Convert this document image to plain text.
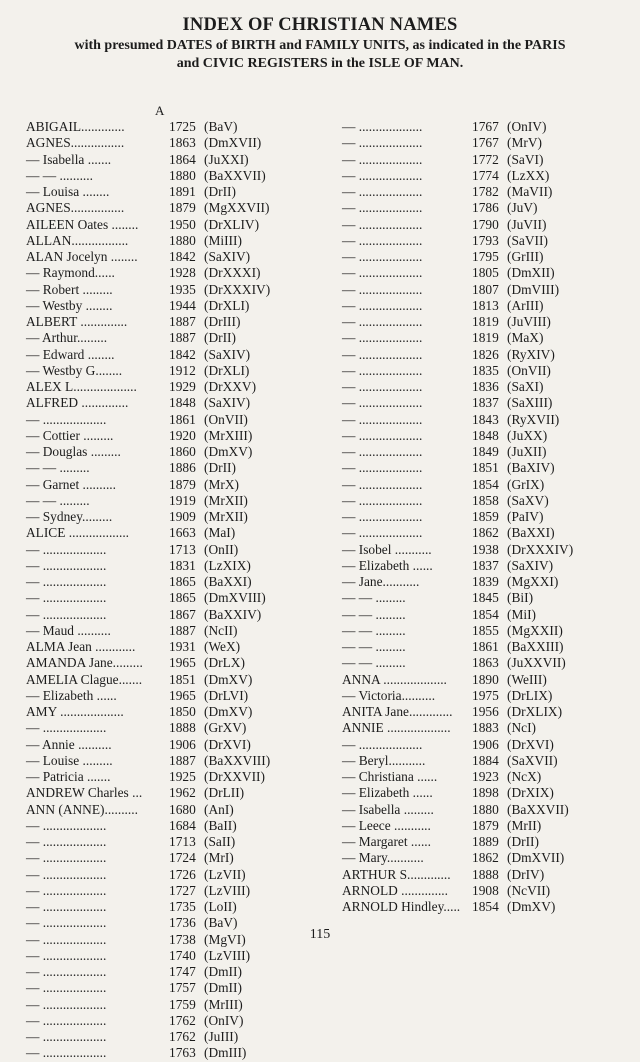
INDEX OF CHRISTIAN NAMES
with presumed DATES of BIRTH and FAMILY UNITS, as indicated in the PARIS
and CIVIC REGISTERS in the ISLE OF MAN.
A
ABIGAIL.............	1725 (BaV)
AGNES................	1863 (DmXVII)
— Isabella .......	1864 (JuXXI)
— — ..........	1880 (BaXXVII)
— Louisa ........	1891 (DrII)
AGNES................	1879 (MgXXVII)
AILEEN Oates ........ 1950 (DrXLIV)
ALLAN.................	1880 (MiIII)
ALAN Jocelyn ........ 1842 (SaXIV)
— Raymond......	1928 (DrXXXI)
— Robert .........	1935 (DrXXXIV)
— Westby ........	1944 (DrXLI)
ALBERT ..............	1887 (DrIII)
— Arthur.........	1887 (DrII)
— Edward ........	1842 (SaXIV)
— Westby G........	1912 (DrXLI)
ALEX L................... 1929 (DrXXV)
ALFRED ..............	1848 (SaXIV)
— ...................	1861 (OnVII)
— Cottier .........	1920 (MrXIII)
— Douglas .........	1860 (DmXV)
— — .........	1886 (DrII)
— Garnet ..........	1879 (MrX)
— — .........	1919 (MrXII)
— Sydney.........	1909 (MrXII)
ALICE ..................	1663 (MaI)
— ...................	1713 (OnII)
— ...................	1831 (LzXIX)
— ...................	1865 (BaXXI)
— ...................	1865 (DmXVIII)
— ...................	1867 (BaXXIV)
— Maud ..........	1887 (NcII)
ALMA Jean ............	1931 (WeX)
AMANDA Jane......... 1965 (DrLX)
AMELIA Clague....... 1851 (DmXV)
— Elizabeth ......	1965 (DrLVI)
AMY ...................	1850 (DmXV)
— ...................	1888 (GrXV)
— Annie ..........	1906 (DrXVI)
— Louise .........	1887 (BaXXVIII)
— Patricia .......	1925 (DrXXVII)
ANDREW Charles ... 1962 (DrLII)
ANN (ANNE).......... 1680 (AnI)
— ...................	1684 (BaII)
— ...................	1713 (SaII)
— ...................	1724 (MrI)
— ...................	1726 (LzVII)
— ...................	1727 (LzVIII)
— ...................	1735 (LoII)
— ...................	1736 (BaV)
— ...................	1738 (MgVI)
— ...................	1740 (LzVIII)
— ...................	1747 (DmII)
— ...................	1757 (DmII)
— ...................	1759 (MrIII)
— ...................	1762 (OnIV)
— ...................	1762 (JuIII)
— ...................	1763 (DmIII)
— ...................	1767 (OnIV)
— ...................	1767 (MrV)
— ...................	1772 (SaVI)
— ...................	1774 (LzXX)
— ...................	1782 (MaVII)
— ...................	1786 (JuV)
— ...................	1790 (JuVII)
— ...................	1793 (SaVII)
— ...................	1795 (GrIII)
— ...................	1805 (DmXII)
— ...................	1807 (DmVIII)
— ...................	1813 (ArIII)
— ...................	1819 (JuVIII)
— ...................	1819 (MaX)
— ...................	1826 (RyXIV)
— ...................	1835 (OnVII)
— ...................	1836 (SaXI)
— ...................	1837 (SaXIII)
— ...................	1843 (RyXVII)
— ...................	1848 (JuXX)
— ...................	1849 (JuXII)
— ...................	1851 (BaXIV)
— ...................	1854 (GrIX)
— ...................	1858 (SaXV)
— ...................	1859 (PaIV)
— ...................	1862 (BaXXI)
— Isobel ...........	1938 (DrXXXIV)
— Elizabeth ......	1837 (SaXIV)
— Jane...........	1839 (MgXXI)
— — .........	1845 (BiI)
— — .........	1854 (MiI)
— — .........	1855 (MgXXII)
— — .........	1861 (BaXXIII)
— — .........	1863 (JuXXVII)
ANNA ................... 1890 (WeIII)
— Victoria..........	1975 (DrLIX)
ANITA Jane............. 1956 (DrXLIX)
ANNIE ................... 1883 (NcI)
— ...................	1906 (DrXVI)
— Beryl...........	1884 (SaXVII)
— Christiana ......	1923 (NcX)
— Elizabeth ......	1898 (DrXIX)
— Isabella .........	1880 (BaXXVII)
— Leece ...........	1879 (MrII)
— Margaret ......	1889 (DrII)
— Mary...........	1862 (DmXVII)
ARTHUR S............. 1888 (DrIV)
ARNOLD .............. 1908 (NcVII)
ARNOLD Hindley..... 1854 (DmXV)
115
